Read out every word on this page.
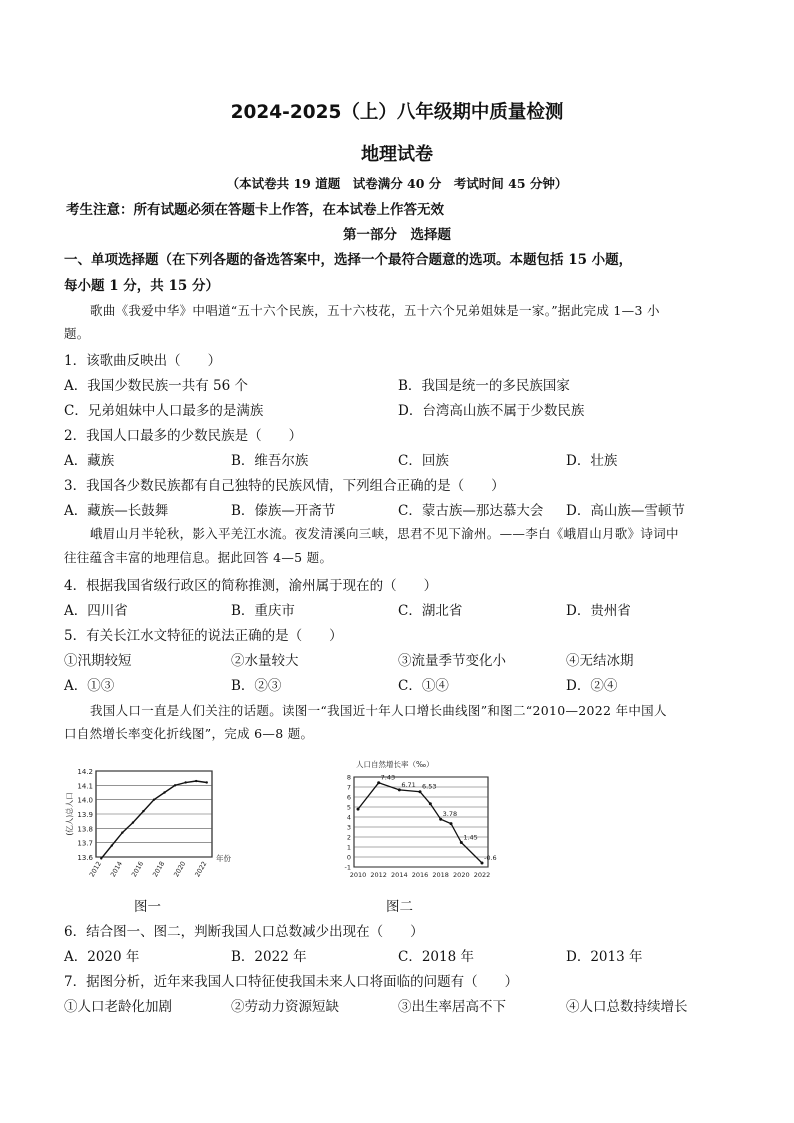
2024-2025（上）八年级期中质量检测
地理试卷
（本试卷共 19 道题　试卷满分 40 分　考试时间 45 分钟）
考生注意：所有试题必须在答题卡上作答，在本试卷上作答无效
第一部分　选择题
一、单项选择题（在下列各题的备选答案中，选择一个最符合题意的选项。本题包括 15 小题，
每小题 1 分，共 15 分）
歌曲《我爱中华》中唱道“五十六个民族，五十六枝花，五十六个兄弟姐妹是一家。”据此完成 1—3 小
题。
1．该歌曲反映出（　　）
A．我国少数民族一共有 56 个	B．我国是统一的多民族国家
C．兄弟姐妹中人口最多的是满族	D．台湾高山族不属于少数民族
2．我国人口最多的少数民族是（　　）
A．藏族	B．维吾尔族	C．回族	D．壮族
3．我国各少数民族都有自己独特的民族风情，下列组合正确的是（　　）
A．藏族—长鼓舞	B．傣族—开斋节	C．蒙古族—那达慕大会 D．高山族—雪顿节
峨眉山月半轮秋，影入平羌江水流。夜发清溪向三峡，思君不见下渝州。——李白《峨眉山月歌》诗词中
往往蕴含丰富的地理信息。据此回答 4—5 题。
4．根据我国省级行政区的简称推测，渝州属于现在的（　　）
A．四川省	B．重庆市	C．湖北省	D．贵州省
5．有关长江水文特征的说法正确的是（　　）
①汛期较短	②水量较大	③流量季节变化小	④无结冰期
A．①③	B．②③	C．①④	D．②④
我国人口一直是人们关注的话题。读图一“我国近十年人口增长曲线图”和图二“2010—2022 年中国人
口自然增长率变化折线图”，完成 6—8 题。
14.2
14.1
14.0
13.9
13.8
13.7
13.6
2012 2014 2016 2018 2020 2022
(亿人)总人口
年份
图一
人口自然增长率（‰）
8
7
6
5
4
3
2
1
0
-1
2010 2012 2014 2016 2018 2020 2022
7.43
6.71 6.53
3.78
1.45
-0.6
图二
6．结合图一、图二，判断我国人口总数减少出现在（　　）
A．2020 年	B．2022 年	C．2018 年	D．2013 年
7．据图分析，近年来我国人口特征使我国未来人口将面临的问题有（　　）
①人口老龄化加剧	②劳动力资源短缺	③出生率居高不下	④人口总数持续增长
